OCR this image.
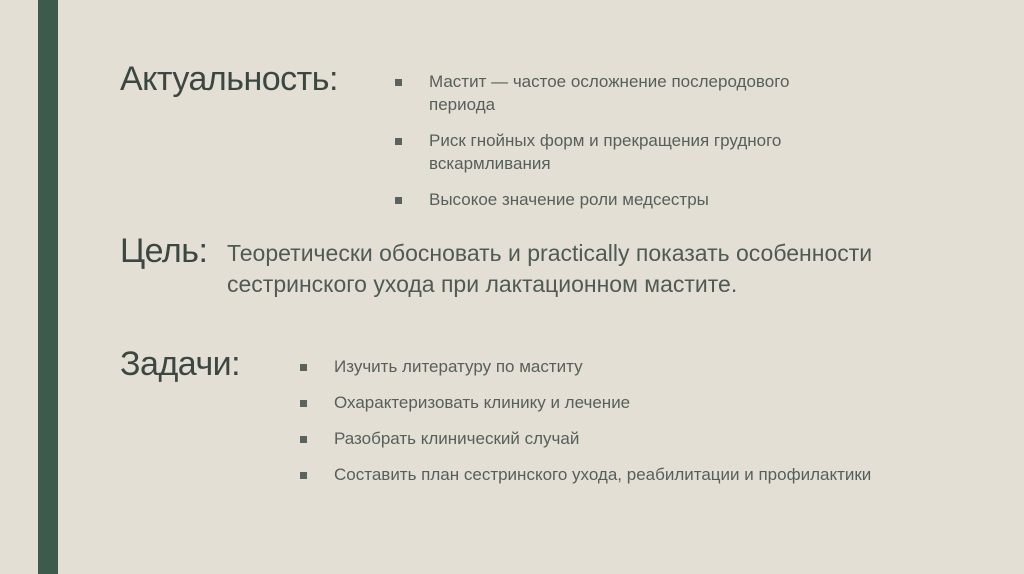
Актуальность:	Мастит — частое осложнение послеродового периода
Риск гнойных форм и прекращения грудного вскармливания
Высокое значение роли медсестры
Цель: Теоретически обосновать и practically показать особенности сестринского ухода при лактационном мастите.
Задачи:	Изучить литературу по маститу
Охарактеризовать клинику и лечение
Разобрать клинический случай
Составить план сестринского ухода, реабилитации и профилактики
